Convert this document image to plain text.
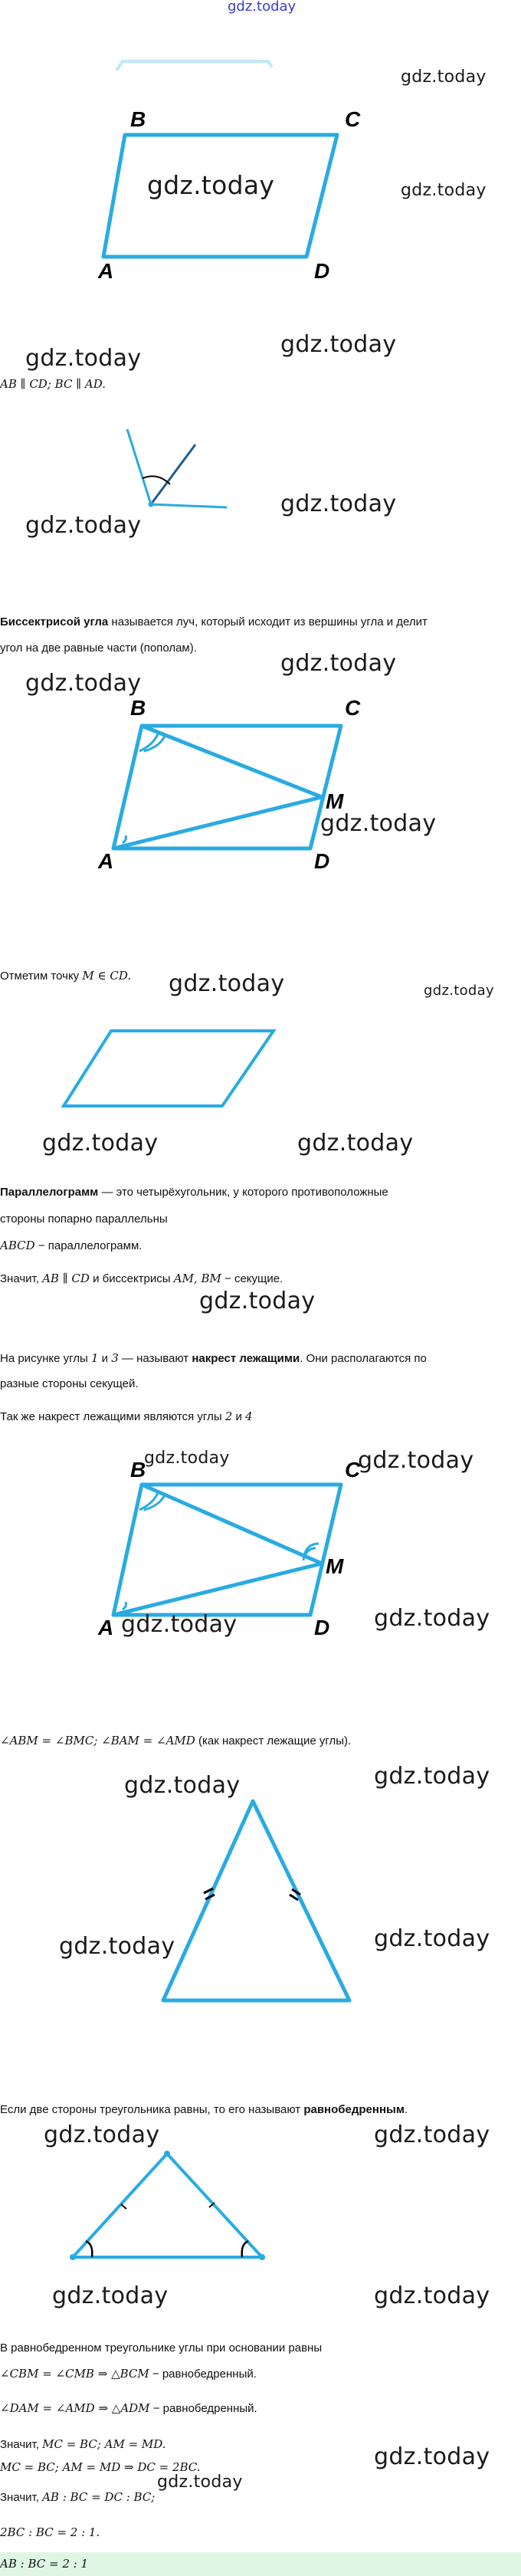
gdz.today
B	C
A	D
gdz.today
gdz.today	gdz.today
gdz.today
gdz.today
AB ∥ CD; BC ∥ AD.
gdz.today
gdz.today
Биссектрисой угла называется луч, который исходит из вершины угла и делит
угол на две равные части (пополам).
gdz.today
gdz.today
B	C
M
A	D
gdz.today
Отметим точку M ∈ CD. gdz.today	gdz.today
gdz.today	gdz.today
Параллелограмм — это четырёхугольник, у которого противоположные
стороны попарно параллельны
ABCD − параллелограмм.
Значит, AB ∥ CD и биссектрисы AM, BM − секущие.
gdz.today
На рисунке углы 1 и 3 — называют накрест лежащими. Они располагаются по
разные стороны секущей.
Так же накрест лежащими являются углы 2 и 4
gdz.today	gdz.today
B	C
M
A	D
gdz.today	gdz.today
∠ABM = ∠BMC; ∠BAM = ∠AMD (как накрест лежащие углы).
gdz.today	gdz.today
gdz.today	gdz.today
Если две стороны треугольника равны, то его называют равнобедренным.
gdz.today	gdz.today
gdz.today	gdz.today
В равнобедренном треугольнике углы при основании равны
∠CBM = ∠CMB ⇒ △BCM − равнобедренный.
∠DAM = ∠AMD ⇒ △ADM − равнобедренный.
Значит, MC = BC; AM = MD.	gdz.today
MC = BC; AM = MD ⇒ DC = 2BC.
gdz.today
Значит, AB : BC = DC : BC;
2BC : BC = 2 : 1.
AB : BC = 2 : 1
